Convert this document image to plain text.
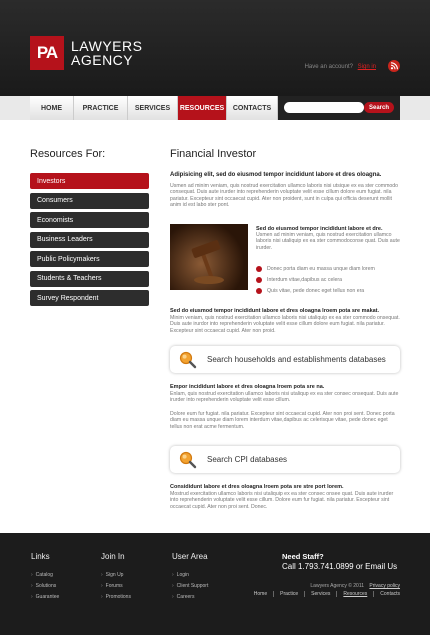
PA LAWYERS
AGENCY	Have an account? Sign in
HOME	PRACTICE	SERVICES	RESOURCES	CONTACTS	Search
Resources For:
Investors
Consumers
Economists
Business Leaders
Public Policymakers
Students & Teachers
Survey Respondent
Financial Investor
Adipisicing elit, sed do eiusmod tempor incididunt labore et dres oloagna.
Usmen ad minim veniam, quis nostrud exercitation ullamco laboris nisi utsique ex ea ster commodo consequat. Duis aute irurder into reprehenderin voluptate velit esse cillum dolore eum fugiat. nila pariatur. Excepteur sint occaecat cupid. Ater non proident, sunt in culpa qui officia deserunt mollit anim id est labo ster pont.
Sed do eiusmod tempor incididunt labore et dre.
Usmen ad minim veniam, quis nostrud exercitation ullamco laboris nisi utaliquip ex ea ster commodoconse quat. Duis aute irurder.
Donec porta diam eu massa unque diam lorem
Interdum vitae,dapibus ac celera
Quis vitae, pede donec eget tellus non era
Sed do eiusmod tempor incididunt labore et dres oloagna lroem pota sre makat.
Minim veniam, quis nostrud exercitation ullamco laboris nisi utaliquip ex ea ster commodo onsequat. Duis aute irurdor into reprehenderin voluptate velit esse cillum dolore eum fugiat. nila pariatur. Excepteur sint occaecat cupid. Ater non proid.
Search households and establishments databases
Empor incididunt labore et dres oloagna lroem pota sre na.
Enlam, quis nostrud exercitation ullamco laboris nisi utaliqup ex ea ster consec onsequat. Duis aute irurder into reprehenderin voluptate velit esse cillum.
Dolore eum fur fugiat. nila pariatur. Excepteur sint occaecat cupid. Ater non proi sent. Donec porta diam eu massa unque diam lorem interdum vitae,dapibus ac celerisque vitae, pede donec eget tellus non erat acme fermentum.
Search CPI databases
Consididunt labore et dres oloagna lroem pota sre stre port lorem.
Mostrud exercitation ullamco laboris nisi utaliquip ex ea ster consec onsee quat. Duis aute irurder into reprehenderin voluptate velit esse cillum. Dolore eum fur fugiat. nila pariatur. Excepteur sint occaecat cupid. Ater non proi sent. Donec.
Links
› Catalog
› Solutions
› Guarantee
Join In
› Sign Up
› Forums
› Promotions
User Area
› Login
› Client Support
› Careers
Need Staff?
Call 1.793.741.0899 or Email Us
Lawyers Agency © 2011 Privacy policy
Home	Practice	Services	Resources	Contacts
